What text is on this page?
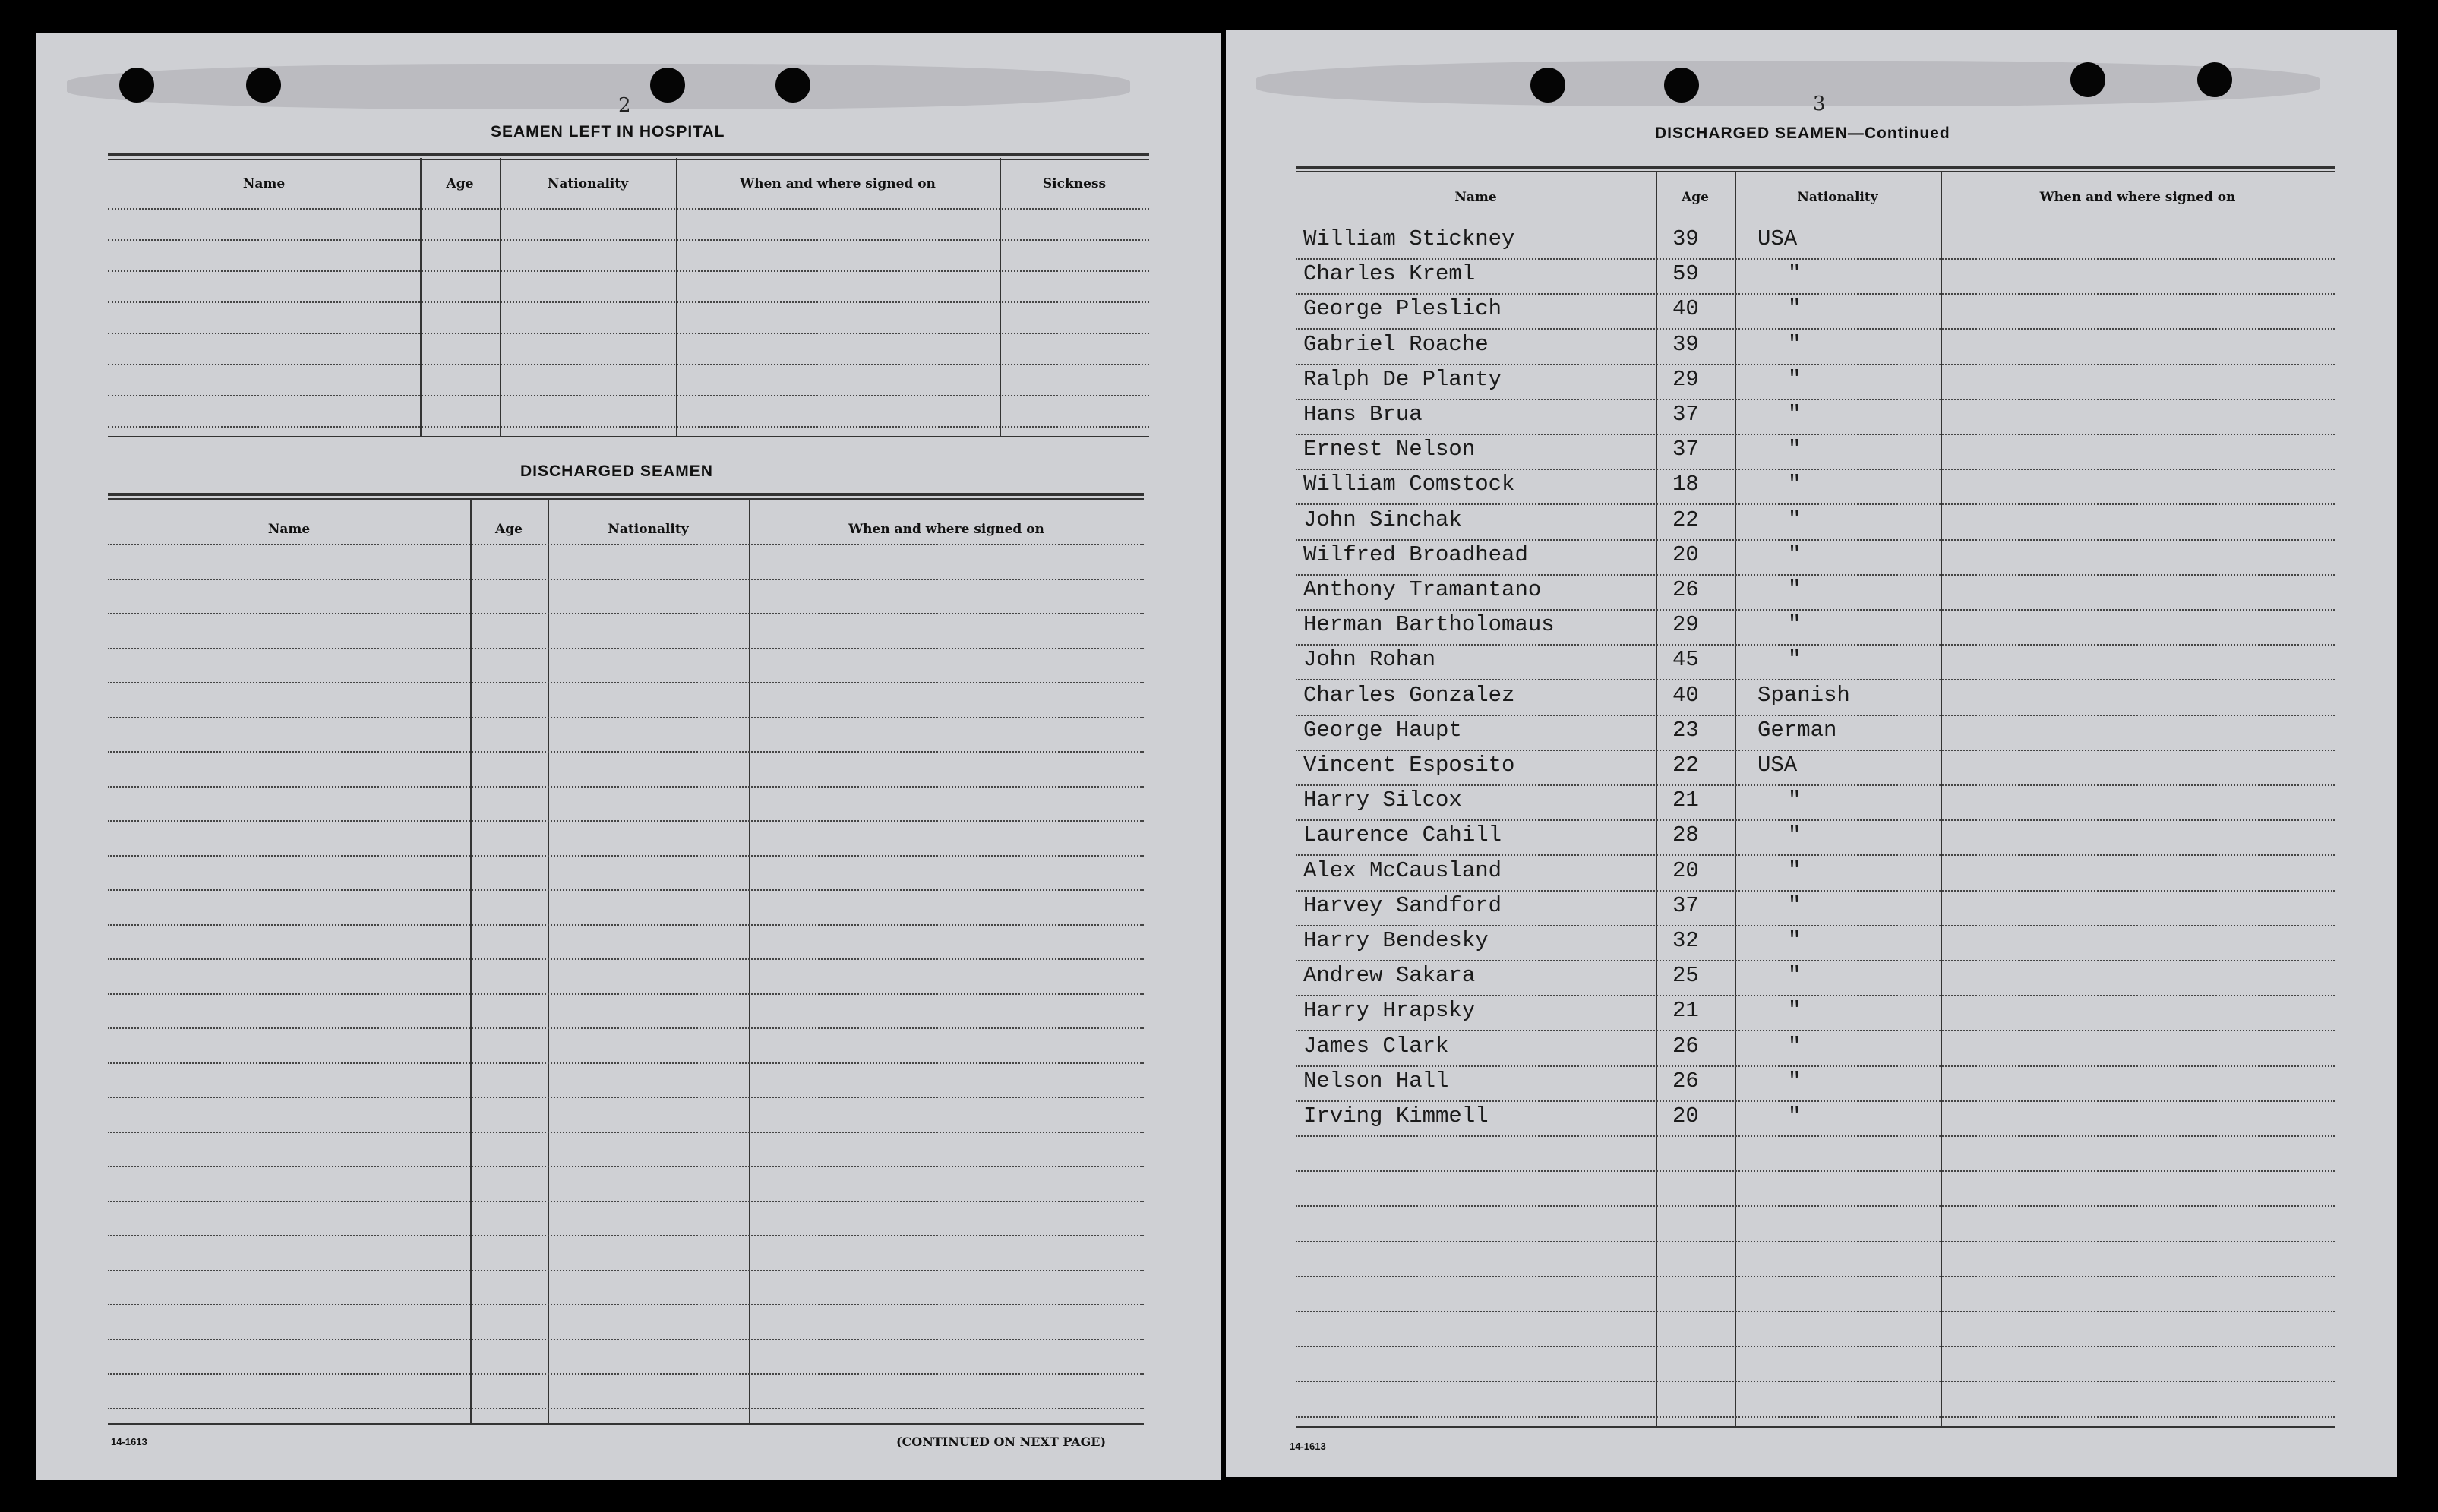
2
SEAMEN LEFT IN HOSPITAL
Name	Age	Nationality	When and where signed on	Sickness
DISCHARGED SEAMEN
Name	Age	Nationality	When and where signed on
14-1613	(CONTINUED ON NEXT PAGE)
3
DISCHARGED SEAMEN—Continued
Name	Age	Nationality	When and where signed on
William Stickney	39	USA
Charles Kreml	59	"
George Pleslich	40	"
Gabriel Roache	39	"
Ralph De Planty	29	"
Hans Brua	37	"
Ernest Nelson	37	"
William Comstock	18	"
John Sinchak	22	"
Wilfred Broadhead	20	"
Anthony Tramantano	26	"
Herman Bartholomaus	29	"
John Rohan	45	"
Charles Gonzalez	40	Spanish
George Haupt	23	German
Vincent Esposito	22	USA
Harry Silcox	21	"
Laurence Cahill	28	"
Alex McCausland	20	"
Harvey Sandford	37	"
Harry Bendesky	32	"
Andrew Sakara	25	"
Harry Hrapsky	21	"
James Clark	26	"
Nelson Hall	26	"
Irving Kimmell	20	"
14-1613
